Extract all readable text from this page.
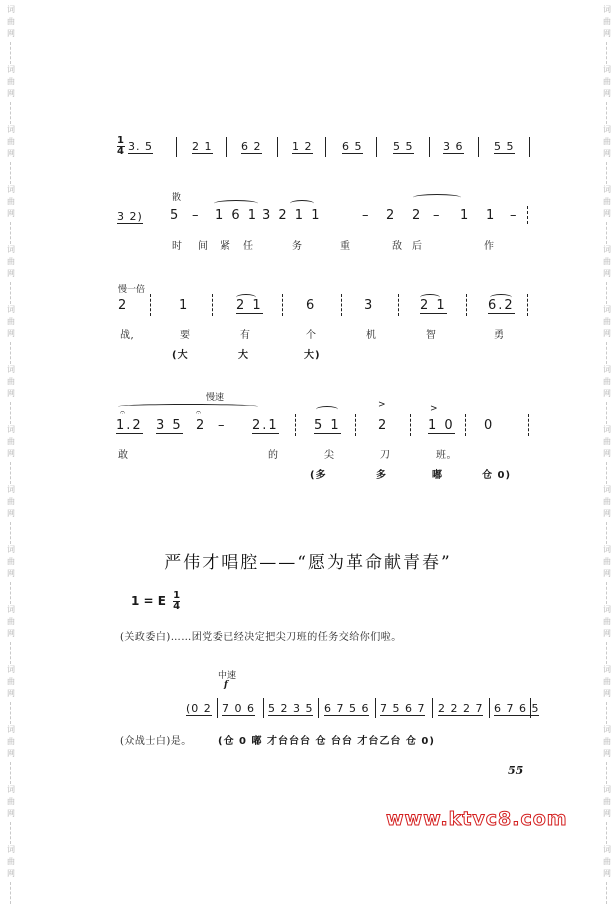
词
曲
网
词
曲
网
词
曲
网
词
曲
网
词
曲
网
词
曲
网
词
曲
网
词
曲
网
词
曲
网
词
曲
网
词
曲
网
词
曲
网
词
曲
网
词
曲
网
词
曲
网
词
曲
网
词
曲
网
词
曲
网
词
曲
网
词
曲
网
词
曲
网
词
曲
网
词
曲
网
词
曲
网
词
曲
网
词
曲
网
词
曲
网
词
曲
网
词
曲
网
词
曲
网
1
4 3. 5	2 1	6 2	1 2	6 5	5 5	3 6	5 5
散
3 2) 5 – 1 6 1 3 2 1 1	– 2 2 – 1 1 –
时 间 紧 任	务	重	敌 后	作
慢一倍
2	1	2 1	6	3	2 1	6.2
战,	要	有	个	机	智	勇
(大	大	大)
慢速
𝄐	𝄐
>	>
1.2 3 5 2 – 2.1	5 1	2	1 0 0
敢	的	尖	刀	班。
(多	多	嘟	仓 0)
严伟才唱腔——“愿为革命献青春”
1 = E $\frac{1}{4}$
(关政委白)……团党委已经决定把尖刀班的任务交给你们啦。
中速
f
(0 2 7 0 6 5 2 3 5 6 7 5 6 7 5 6 7 2 2 2 7 6 7 6 5
(众战士白)是。	(仓 0 嘟 才台台台 仓 台台 才台乙台 仓 0)
55
www.ktvc8.com
